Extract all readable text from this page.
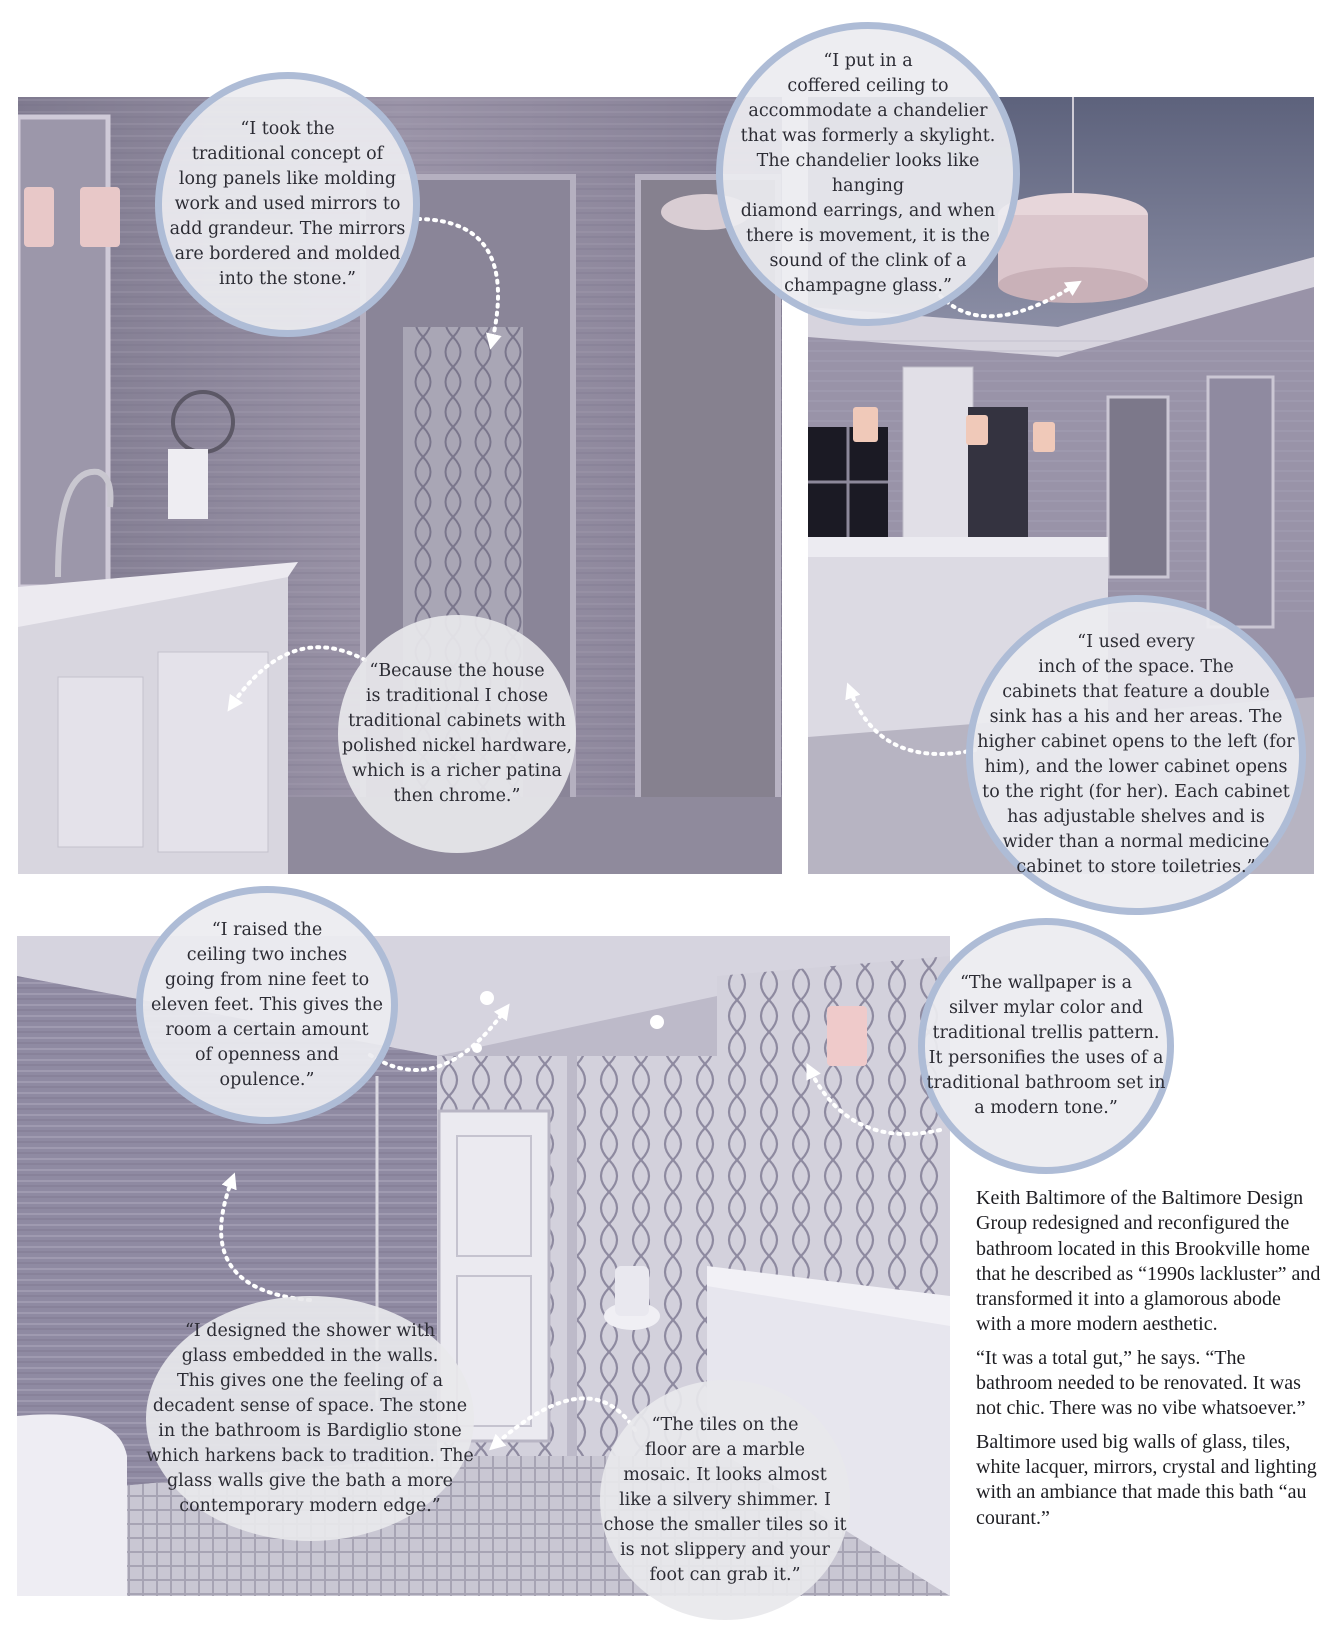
“I took the
traditional concept of
long panels like molding
work and used mirrors to
add grandeur. The mirrors
are bordered and molded
into the stone.”
“I put in a
coffered ceiling to
accommodate a chandelier
that was formerly a skylight.
The chandelier looks like hanging
diamond earrings, and when
there is movement, it is the
sound of the clink of a
champagne glass.”
“Because the house
is traditional I chose
traditional cabinets with
polished nickel hardware,
which is a richer patina
then chrome.”
“I used every
inch of the space. The
cabinets that feature a double
sink has a his and her areas. The
higher cabinet opens to the left (for
him), and the lower cabinet opens
to the right (for her). Each cabinet
has adjustable shelves and is
wider than a normal medicine
cabinet to store toiletries.”
“I raised the
ceiling two inches
going from nine feet to
eleven feet. This gives the
room a certain amount
of openness and
opulence.”
“The wallpaper is a
silver mylar color and
traditional trellis pattern.
It personifies the uses of a
traditional bathroom set in
a modern tone.”
“I designed the shower with
glass embedded in the walls.
This gives one the feeling of a
decadent sense of space. The stone
in the bathroom is Bardiglio stone
which harkens back to tradition. The
glass walls give the bath a more
contemporary modern edge.”
“The tiles on the
floor are a marble
mosaic. It looks almost
like a silvery shimmer. I
chose the smaller tiles so it
is not slippery and your
foot can grab it.”

Keith Baltimore of the Baltimore Design Group redesigned and reconfigured the bathroom located in this Brookville home that he described as “1990s lackluster” and transformed it into a glamorous abode with a more modern aesthetic.

“It was a total gut,” he says. “The bathroom needed to be renovated. It was not chic. There was no vibe whatsoever.”

Baltimore used big walls of glass, tiles, white lacquer, mirrors, crystal and lighting with an ambiance that made this bath “au courant.”
